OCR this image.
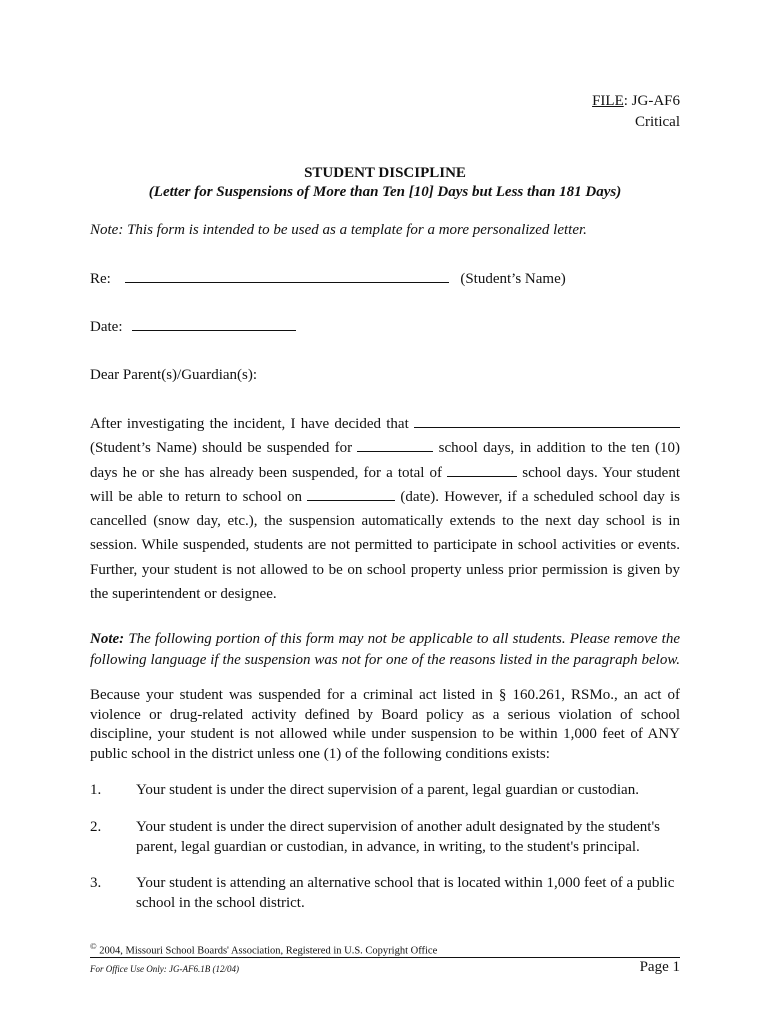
FILE: JG-AF6
Critical
STUDENT DISCIPLINE
(Letter for Suspensions of More than Ten [10] Days but Less than 181 Days)
Note: This form is intended to be used as a template for a more personalized letter.
Re:	(Student’s Name)
Date:
Dear Parent(s)/Guardian(s):
After investigating the incident, I have decided that
(Student’s Name) should be suspended for	school days, in addition to the ten (10)
days he or she has already been suspended, for a total of	school days. Your student
will be able to return to school on	(date). However, if a scheduled school day is
cancelled (snow day, etc.), the suspension automatically extends to the next day school is in
session. While suspended, students are not permitted to participate in school activities or events.
Further, your student is not allowed to be on school property unless prior permission is given by
the superintendent or designee.
Note: The following portion of this form may not be applicable to all students. Please remove the
following language if the suspension was not for one of the reasons listed in the paragraph below.
Because your student was suspended for a criminal act listed in § 160.261, RSMo., an act of
violence or drug-related activity defined by Board policy as a serious violation of school
discipline, your student is not allowed while under suspension to be within 1,000 feet of ANY
public school in the district unless one (1) of the following conditions exists:
1. Your student is under the direct supervision of a parent, legal guardian or custodian.
2. Your student is under the direct supervision of another adult designated by the student's parent, legal guardian or custodian, in advance, in writing, to the student's principal.
3. Your student is attending an alternative school that is located within 1,000 feet of a public school in the school district.
© 2004, Missouri School Boards' Association, Registered in U.S. Copyright Office
For Office Use Only: JG-AF6.1B (12/04)	Page 1
